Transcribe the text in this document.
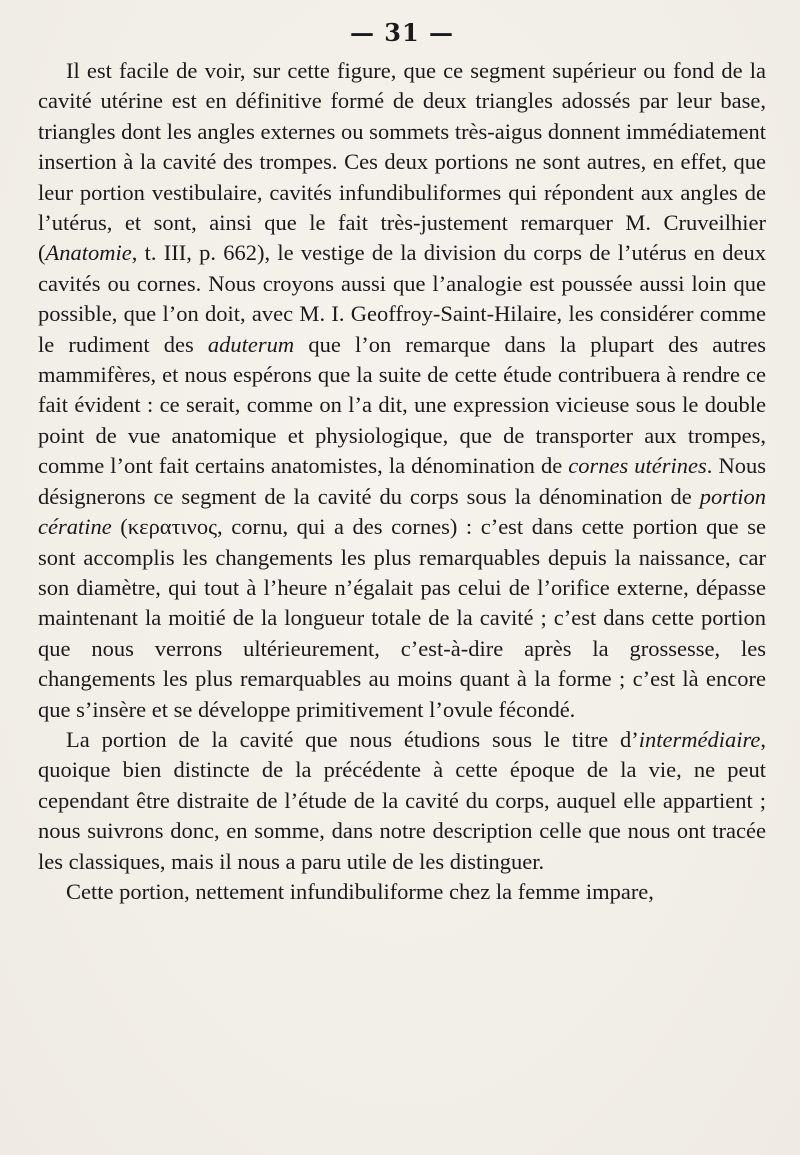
— 31 —

Il est facile de voir, sur cette figure, que ce segment supérieur ou fond de la cavité utérine est en définitive formé de deux triangles adossés par leur base, triangles dont les angles externes ou sommets très-aigus donnent immédiatement insertion à la cavité des trompes. Ces deux portions ne sont autres, en effet, que leur portion vestibulaire, cavités infundibuliformes qui répondent aux angles de l’utérus, et sont, ainsi que le fait très-justement remarquer M. Cruveilhier (Anatomie, t. III, p. 662), le vestige de la division du corps de l’utérus en deux cavités ou cornes. Nous croyons aussi que l’analogie est poussée aussi loin que possible, que l’on doit, avec M. I. Geoffroy-Saint-Hilaire, les considérer comme le rudiment des aduterum que l’on remarque dans la plupart des autres mammifères, et nous espérons que la suite de cette étude contribuera à rendre ce fait évident : ce serait, comme on l’a dit, une expression vicieuse sous le double point de vue anatomique et physiologique, que de transporter aux trompes, comme l’ont fait certains anatomistes, la dénomination de cornes utérines. Nous désignerons ce segment de la cavité du corps sous la dénomination de portion cératine (κερατινος, cornu, qui a des cornes) : c’est dans cette portion que se sont accomplis les changements les plus remarquables depuis la naissance, car son diamètre, qui tout à l’heure n’égalait pas celui de l’orifice externe, dépasse maintenant la moitié de la longueur totale de la cavité ; c’est dans cette portion que nous verrons ultérieurement, c’est-à-dire après la grossesse, les changements les plus remarquables au moins quant à la forme ; c’est là encore que s’insère et se développe primitivement l’ovule fécondé.

La portion de la cavité que nous étudions sous le titre d’intermédiaire, quoique bien distincte de la précédente à cette époque de la vie, ne peut cependant être distraite de l’étude de la cavité du corps, auquel elle appartient ; nous suivrons donc, en somme, dans notre description celle que nous ont tracée les classiques, mais il nous a paru utile de les distinguer.

Cette portion, nettement infundibuliforme chez la femme impare,
